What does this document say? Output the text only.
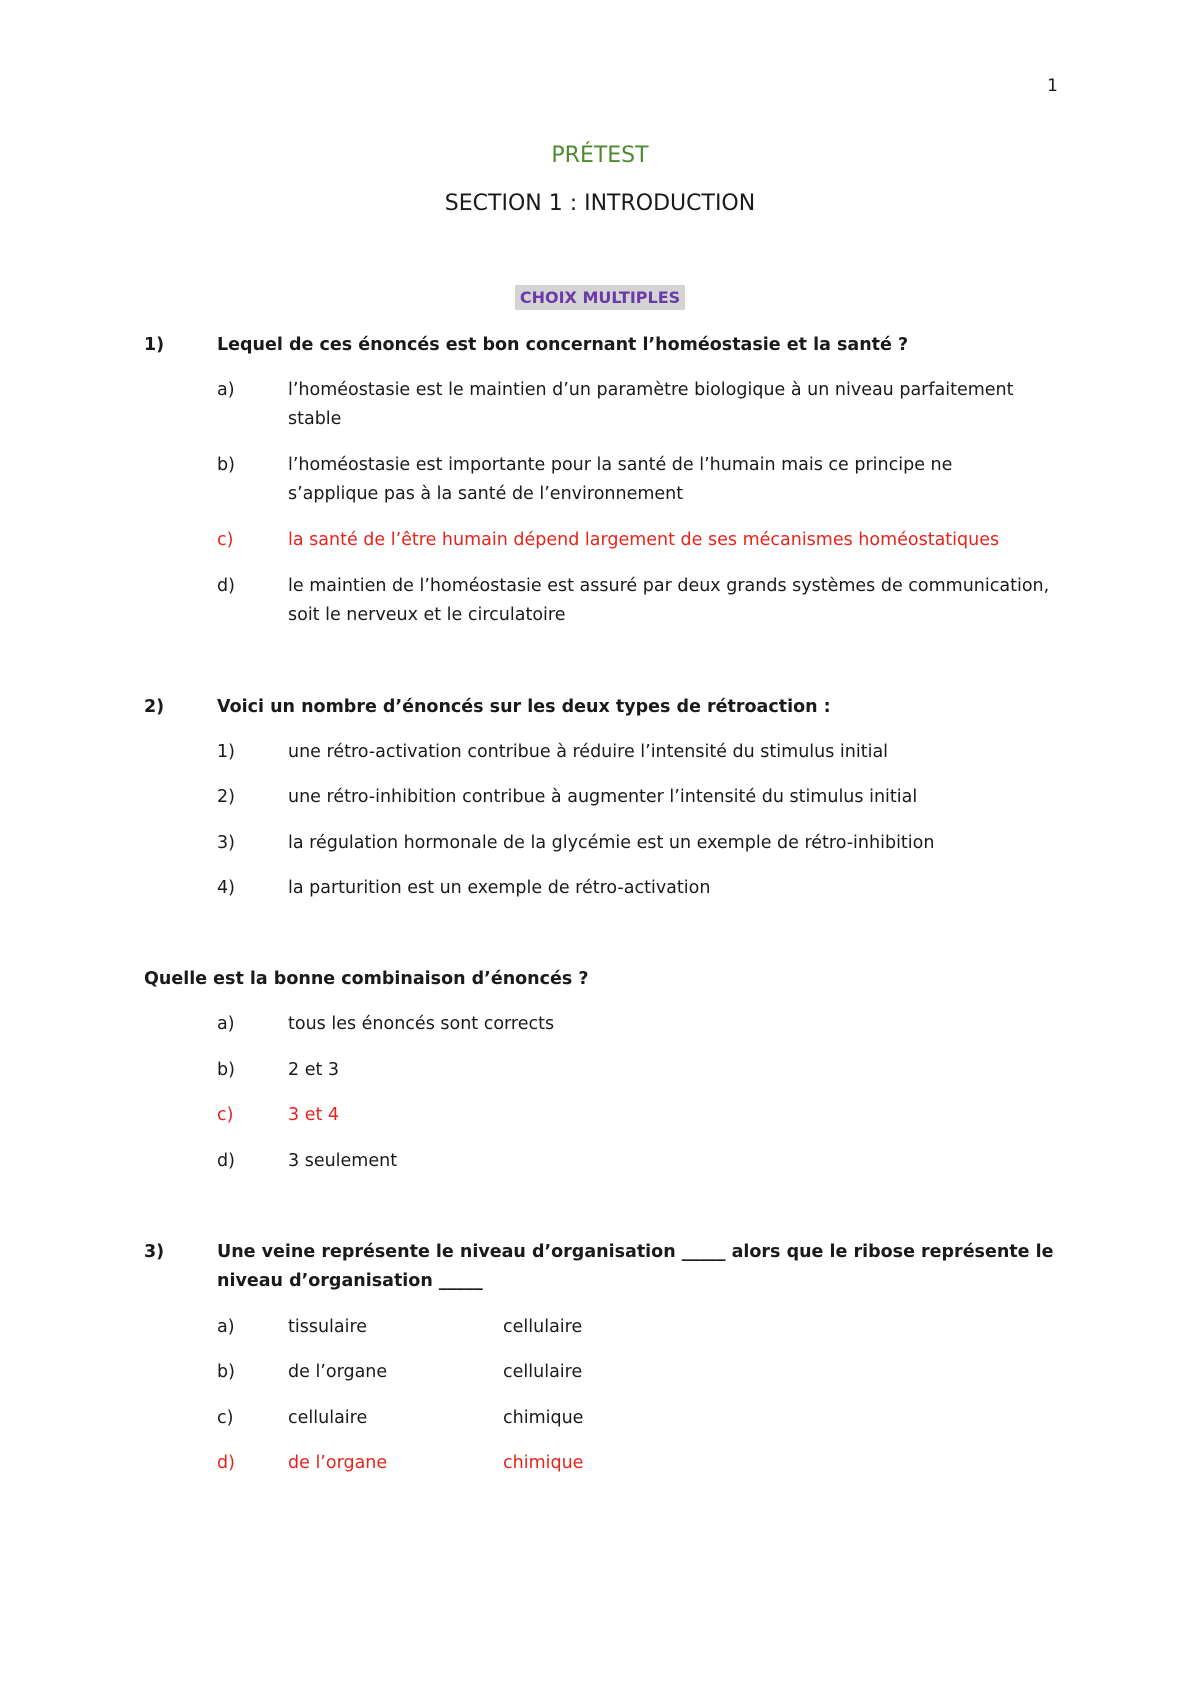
1
PRÉTEST
SECTION 1 : INTRODUCTION
CHOIX MULTIPLES
1)	Lequel de ces énoncés est bon concernant l’homéostasie et la santé ?
a)	l’homéostasie est le maintien d’un paramètre biologique à un niveau parfaitement
stable
b)	l’homéostasie est importante pour la santé de l’humain mais ce principe ne
s’applique pas à la santé de l’environnement
c)	la santé de l’être humain dépend largement de ses mécanismes homéostatiques
d)	le maintien de l’homéostasie est assuré par deux grands systèmes de communication,
soit le nerveux et le circulatoire
2)	Voici un nombre d’énoncés sur les deux types de rétroaction :
1)	une rétro-activation contribue à réduire l’intensité du stimulus initial
2)	une rétro-inhibition contribue à augmenter l’intensité du stimulus initial
3)	la régulation hormonale de la glycémie est un exemple de rétro-inhibition
4)	la parturition est un exemple de rétro-activation
Quelle est la bonne combinaison d’énoncés ?
a)	tous les énoncés sont corrects
b)	2 et 3
c)	3 et 4
d)	3 seulement
3)	Une veine représente le niveau d’organisation _____ alors que le ribose représente le
niveau d’organisation _____
a)	tissulaire	cellulaire
b)	de l’organe	cellulaire
c)	cellulaire	chimique
d)	de l’organe	chimique
